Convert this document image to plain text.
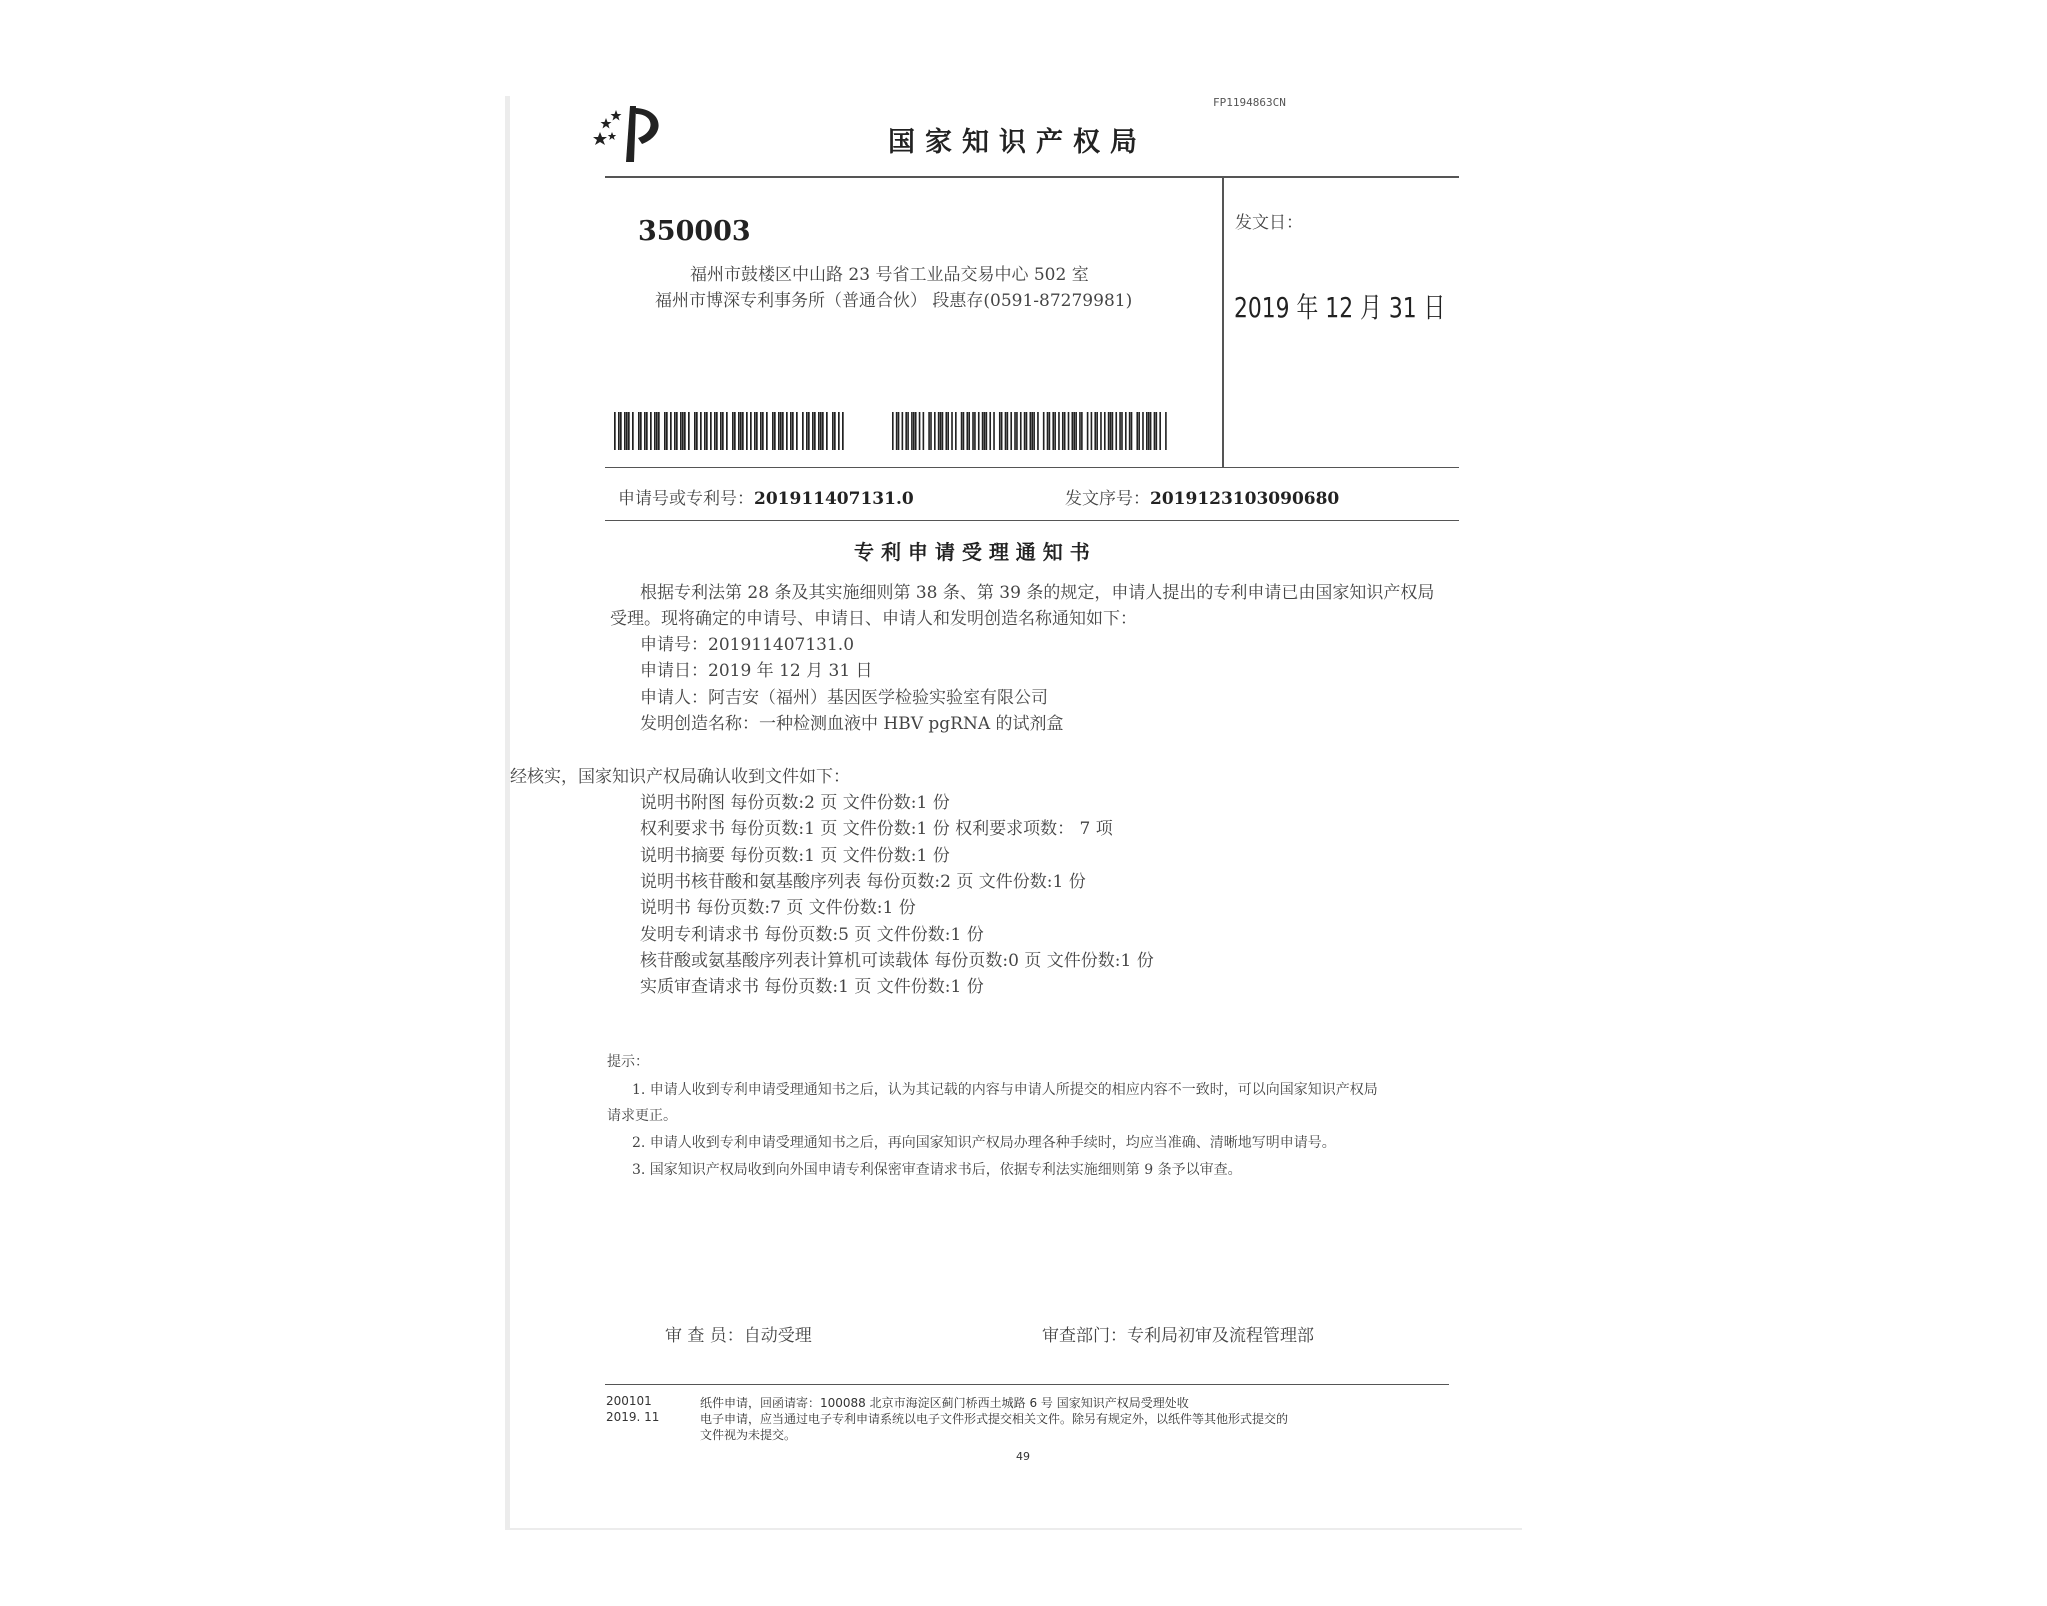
FP1194863CN
国家知识产权局
350003
福州市鼓楼区中山路 23 号省工业品交易中心 502 室
福州市博深专利事务所（普通合伙） 段惠存(0591-87279981)
发文日：
2019 年 12 月 31 日
申请号或专利号：201911407131.0	发文序号：2019123103090680
专 利 申 请 受 理 通 知 书
根据专利法第 28 条及其实施细则第 38 条、第 39 条的规定，申请人提出的专利申请已由国家知识产权局
受理。现将确定的申请号、申请日、申请人和发明创造名称通知如下：
申请号：201911407131.0
申请日：2019 年 12 月 31 日
申请人：阿吉安（福州）基因医学检验实验室有限公司
发明创造名称：一种检测血液中 HBV pgRNA 的试剂盒
经核实，国家知识产权局确认收到文件如下：
说明书附图 每份页数:2 页 文件份数:1 份
权利要求书 每份页数:1 页 文件份数:1 份 权利要求项数： 7 项
说明书摘要 每份页数:1 页 文件份数:1 份
说明书核苷酸和氨基酸序列表 每份页数:2 页 文件份数:1 份
说明书 每份页数:7 页 文件份数:1 份
发明专利请求书 每份页数:5 页 文件份数:1 份
核苷酸或氨基酸序列表计算机可读载体 每份页数:0 页 文件份数:1 份
实质审查请求书 每份页数:1 页 文件份数:1 份
提示：
1. 申请人收到专利申请受理通知书之后，认为其记载的内容与申请人所提交的相应内容不一致时，可以向国家知识产权局
请求更正。
2. 申请人收到专利申请受理通知书之后，再向国家知识产权局办理各种手续时，均应当准确、清晰地写明申请号。
3. 国家知识产权局收到向外国申请专利保密审查请求书后，依据专利法实施细则第 9 条予以审查。
审 查 员：自动受理	审查部门：专利局初审及流程管理部
200101
2019. 11
纸件申请，回函请寄：100088 北京市海淀区蓟门桥西土城路 6 号 国家知识产权局受理处收
电子申请，应当通过电子专利申请系统以电子文件形式提交相关文件。除另有规定外，以纸件等其他形式提交的
文件视为未提交。
49
